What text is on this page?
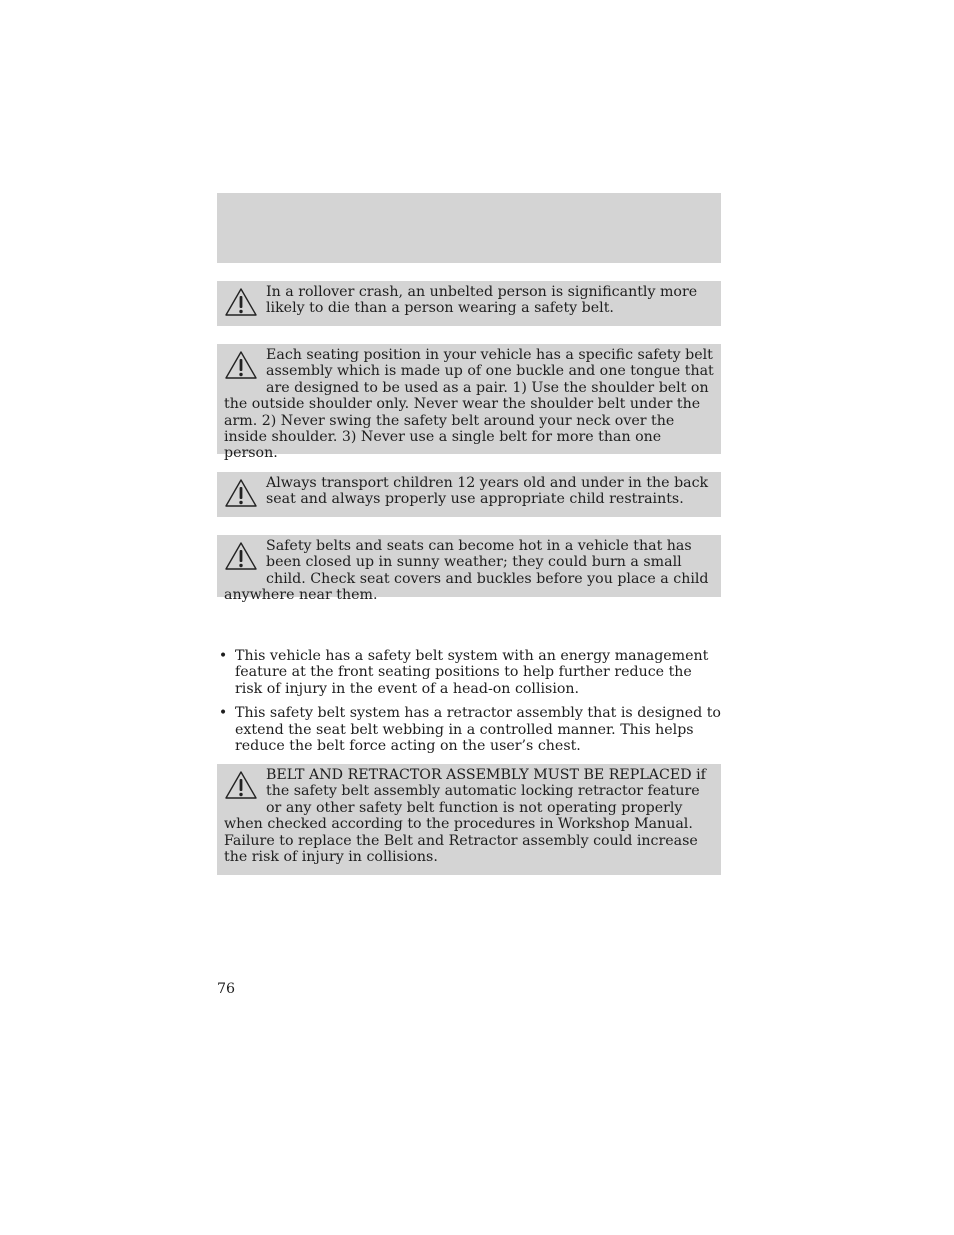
In a rollover crash, an unbelted person is significantly more likely to die than a person wearing a safety belt.

Each seating position in your vehicle has a specific safety belt assembly which is made up of one buckle and one tongue that are designed to be used as a pair. 1) Use the shoulder belt on the outside shoulder only. Never wear the shoulder belt under the arm. 2) Never swing the safety belt around your neck over the inside shoulder. 3) Never use a single belt for more than one person.

Always transport children 12 years old and under in the back seat and always properly use appropriate child restraints.

Safety belts and seats can become hot in a vehicle that has been closed up in sunny weather; they could burn a small child. Check seat covers and buckles before you place a child anywhere near them.

• This vehicle has a safety belt system with an energy management feature at the front seating positions to help further reduce the risk of injury in the event of a head-on collision.
• This safety belt system has a retractor assembly that is designed to extend the seat belt webbing in a controlled manner. This helps reduce the belt force acting on the user’s chest.

BELT AND RETRACTOR ASSEMBLY MUST BE REPLACED if the safety belt assembly automatic locking retractor feature or any other safety belt function is not operating properly when checked according to the procedures in Workshop Manual. Failure to replace the Belt and Retractor assembly could increase the risk of injury in collisions.

76
